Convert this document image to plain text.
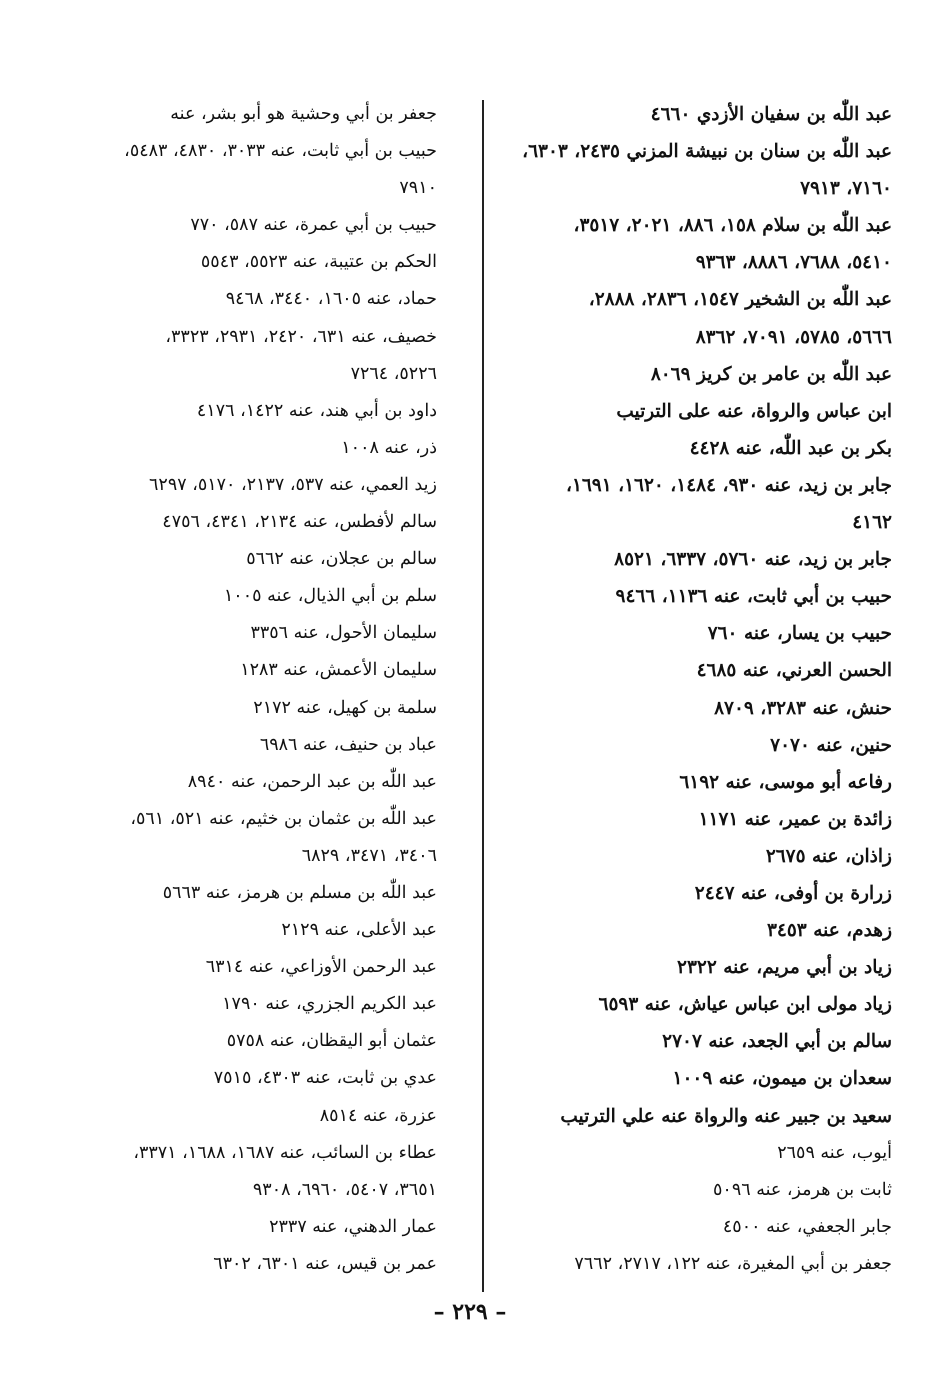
عبد اللّٰه بن سفيان الأزدي ٤٦٦٠
عبد اللّٰه بن سنان بن نبيشة المزني ٢٤٣٥، ٦٣٠٣،
٧١٦٠، ٧٩١٣
عبد اللّٰه بن سلام ١٥٨، ٨٨٦، ٢٠٢١، ٣٥١٧،
٥٤١٠، ٧٦٨٨، ٨٨٨٦، ٩٣٦٣
عبد اللّٰه بن الشخير ١٥٤٧، ٢٨٣٦، ٢٨٨٨،
٥٦٦٦، ٥٧٨٥، ٧٠٩١، ٨٣٦٢
عبد اللّٰه بن عامر بن كريز ٨٠٦٩
ابن عباس والرواة، عنه على الترتيب
بكر بن عبد اللّٰه، عنه ٤٤٢٨
جابر بن زيد، عنه ٩٣٠، ١٤٨٤، ١٦٢٠، ١٦٩١،
٤١٦٢
جابر بن زيد، عنه ٥٧٦٠، ٦٣٣٧، ٨٥٢١
حبيب بن أبي ثابت، عنه ١١٣٦، ٩٤٦٦
حبيب بن يسار، عنه ٧٦٠
الحسن العرني، عنه ٤٦٨٥
حنش، عنه ٣٢٨٣، ٨٧٠٩
حنين، عنه ٧٠٧٠
رفاعه أبو موسى، عنه ٦١٩٢
زائدة بن عمير، عنه ١١٧١
زاذان، عنه ٢٦٧٥
زرارة بن أوفى، عنه ٢٤٤٧
زهدم، عنه ٣٤٥٣
زياد بن أبي مريم، عنه ٢٣٢٢
زياد مولى ابن عباس عياش، عنه ٦٥٩٣
سالم بن أبي الجعد، عنه ٢٧٠٧
سعدان بن ميمون، عنه ١٠٠٩
سعيد بن جبير عنه والرواة عنه علي الترتيب
أيوب، عنه ٢٦٥٩
ثابت بن هرمز، عنه ٥٠٩٦
جابر الجعفي، عنه ٤٥٠٠
جعفر بن أبي المغيرة، عنه ١٢٢، ٢٧١٧، ٧٦٦٢
جعفر بن أبي وحشية هو أبو بشر، عنه
حبيب بن أبي ثابت، عنه ٣٠٣٣، ٤٨٣٠، ٥٤٨٣،
٧٩١٠
حبيب بن أبي عمرة، عنه ٥٨٧، ٧٧٠
الحكم بن عتيبة، عنه ٥٥٢٣، ٥٥٤٣
حماد، عنه ١٦٠٥، ٣٤٤٠، ٩٤٦٨
خصيف، عنه ٦٣١، ٢٤٢٠، ٢٩٣١، ٣٣٢٣،
٥٢٢٦، ٧٢٦٤
داود بن أبي هند، عنه ١٤٢٢، ٤١٧٦
ذر، عنه ١٠٠٨
زيد العمي، عنه ٥٣٧، ٢١٣٧، ٥١٧٠، ٦٢٩٧
سالم لأفطس، عنه ٢١٣٤، ٤٣٤١، ٤٧٥٦
سالم بن عجلان، عنه ٥٦٦٢
سلم بن أبي الذيال، عنه ١٠٠٥
سليمان الأحول، عنه ٣٣٥٦
سليمان الأعمش، عنه ١٢٨٣
سلمة بن كهيل، عنه ٢١٧٢
عباد بن حنيف، عنه ٦٩٨٦
عبد اللّٰه بن عبد الرحمن، عنه ٨٩٤٠
عبد اللّٰه بن عثمان بن خثيم، عنه ٥٢١، ٥٦١،
٣٤٠٦، ٣٤٧١، ٦٨٢٩
عبد اللّٰه بن مسلم بن هرمز، عنه ٥٦٦٣
عبد الأعلى، عنه ٢١٢٩
عبد الرحمن الأوزاعي، عنه ٦٣١٤
عبد الكريم الجزري، عنه ١٧٩٠
عثمان أبو اليقظان، عنه ٥٧٥٨
عدي بن ثابت، عنه ٤٣٠٣، ٧٥١٥
عزرة، عنه ٨٥١٤
عطاء بن السائب، عنه ١٦٨٧، ١٦٨٨، ٣٣٧١،
٣٦٥١، ٥٤٠٧، ٦٩٦٠، ٩٣٠٨
عمار الدهني، عنه ٢٣٣٧
عمر بن قيس، عنه ٦٣٠١، ٦٣٠٢
– ٢٢٩ –
